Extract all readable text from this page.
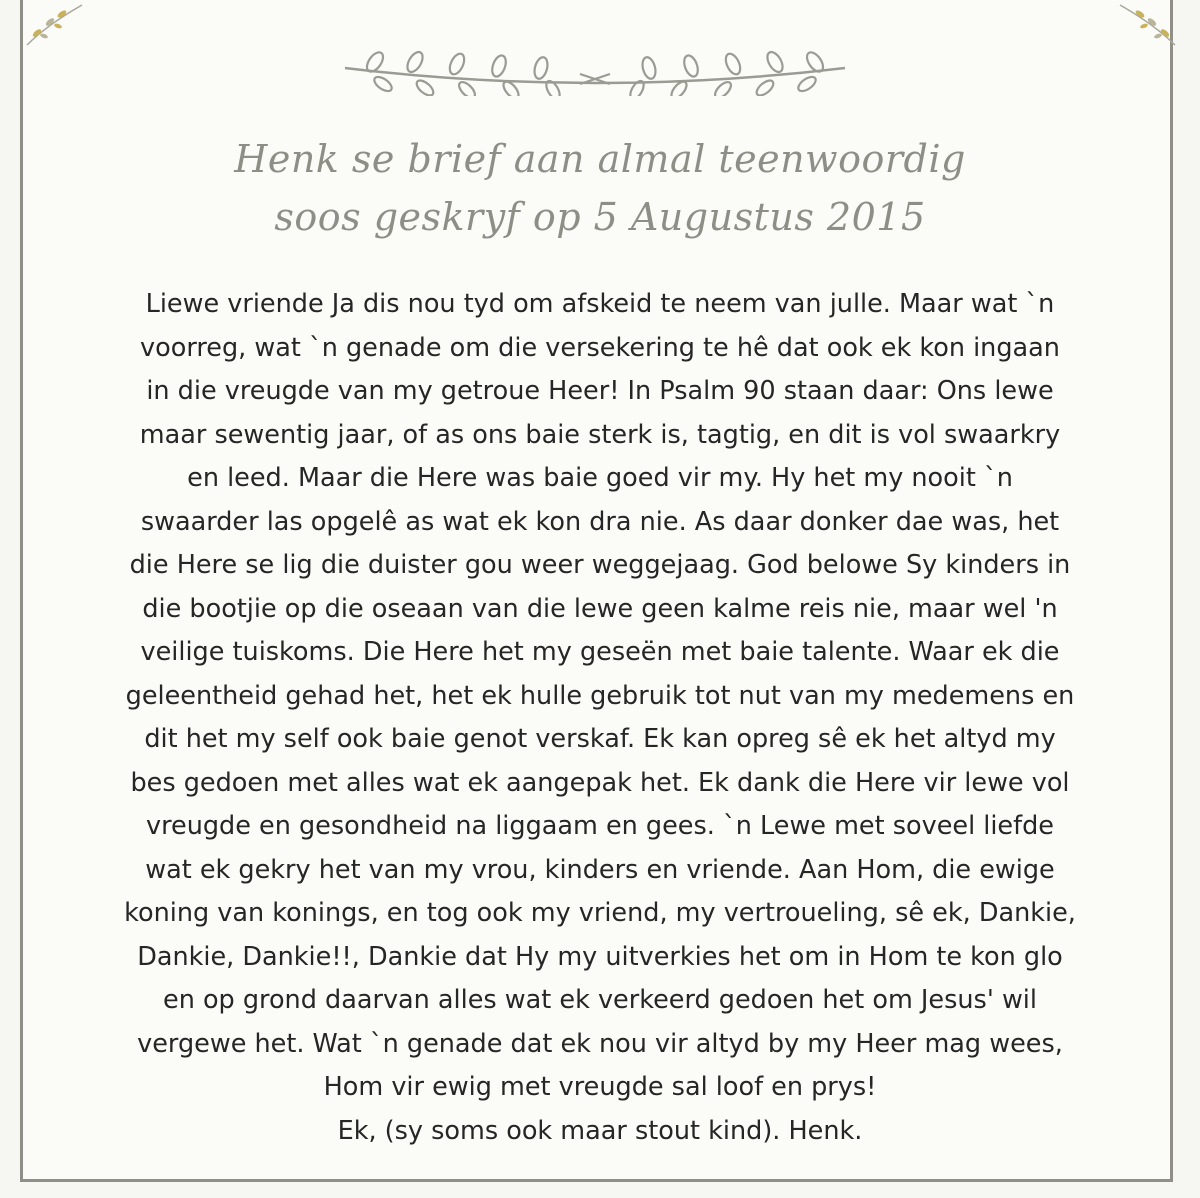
Henk se brief aan almal teenwoordig
soos geskryf op 5 Augustus 2015
Liewe vriende Ja dis nou tyd om afskeid te neem van julle. Maar wat `n
voorreg, wat `n genade om die versekering te hê dat ook ek kon ingaan
in die vreugde van my getroue Heer! In Psalm 90 staan daar: Ons lewe
maar sewentig jaar, of as ons baie sterk is, tagtig, en dit is vol swaarkry
en leed. Maar die Here was baie goed vir my. Hy het my nooit `n
swaarder las opgelê as wat ek kon dra nie. As daar donker dae was, het
die Here se lig die duister gou weer weggejaag. God belowe Sy kinders in
die bootjie op die oseaan van die lewe geen kalme reis nie, maar wel 'n
veilige tuiskoms. Die Here het my geseën met baie talente. Waar ek die
geleentheid gehad het, het ek hulle gebruik tot nut van my medemens en
dit het my self ook baie genot verskaf. Ek kan opreg sê ek het altyd my
bes gedoen met alles wat ek aangepak het. Ek dank die Here vir lewe vol
vreugde en gesondheid na liggaam en gees. `n Lewe met soveel liefde
wat ek gekry het van my vrou, kinders en vriende. Aan Hom, die ewige
koning van konings, en tog ook my vriend, my vertroueling, sê ek, Dankie,
Dankie, Dankie!!, Dankie dat Hy my uitverkies het om in Hom te kon glo
en op grond daarvan alles wat ek verkeerd gedoen het om Jesus' wil
vergewe het. Wat `n genade dat ek nou vir altyd by my Heer mag wees,
Hom vir ewig met vreugde sal loof en prys!
Ek, (sy soms ook maar stout kind). Henk.
